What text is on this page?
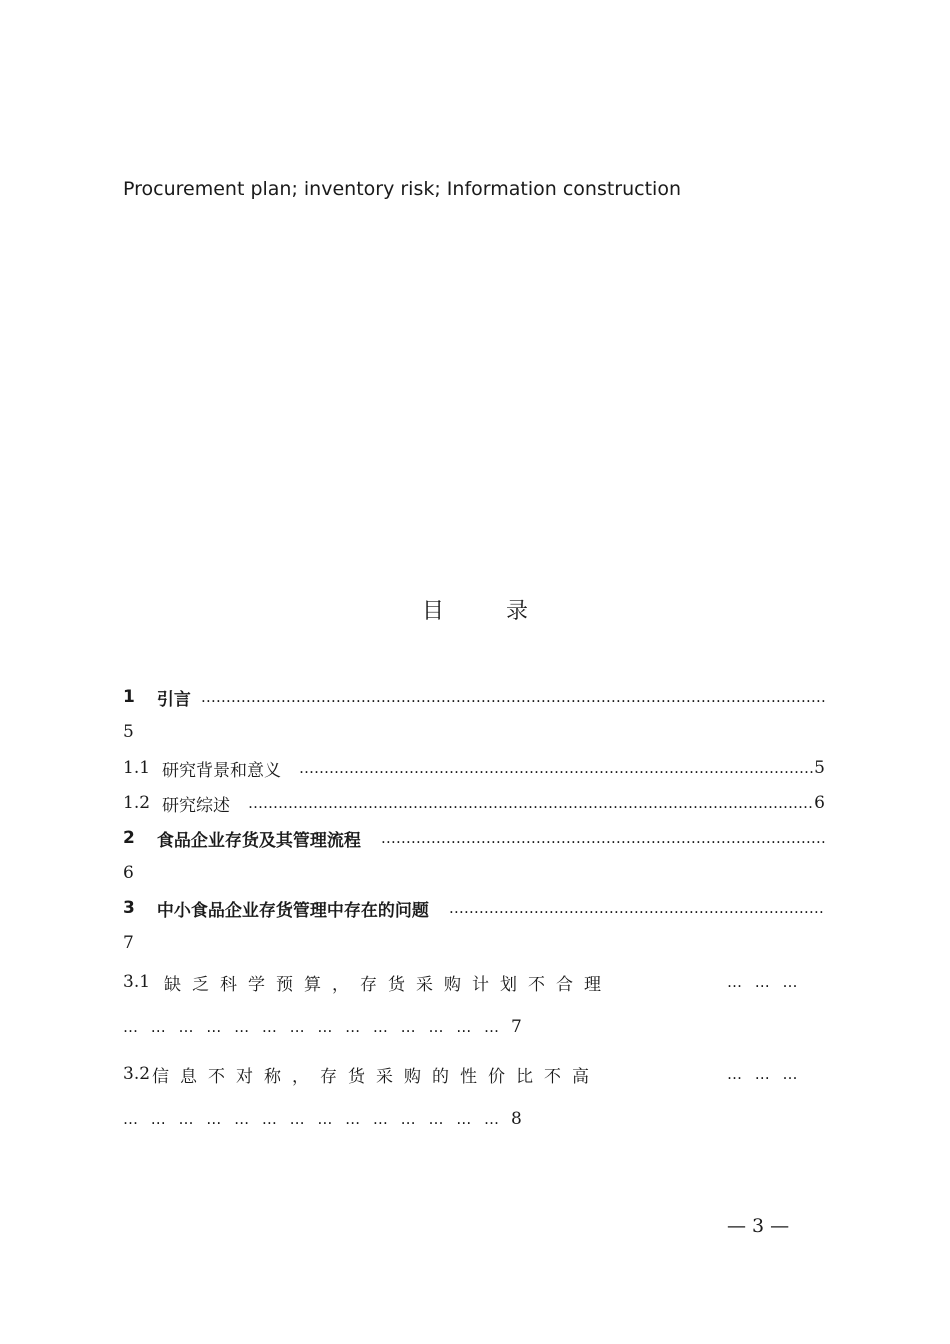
Procurement plan; inventory risk; Information construction
目	录
1 引言
……………………………………………………………………………………………………………………………………………………………………………………………………………………………
5
1.1 研究背景和意义 ……………………………………………………………………………………………………………………………………………………………………………………………………………………………	5
1.2 研究综述 ……………………………………………………………………………………………………………………………………………………………………………………………………………………………	6
2 食品企业存货及其管理流程
……………………………………………………………………………………………………………………………………………………………………………………………………………………………
6
3 中小食品企业存货管理中存在的问题
……………………………………………………………………………………………………………………………………………………………………………………………………………………………
7
3.1 缺乏科学预算，存货采购计划不合理	… … …
… … … … … … … … … … … … … … 7
3.2 信息不对称，存货采购的性价比不高	… … …
… … … … … … … … … … … … … … 8
— 3 —
